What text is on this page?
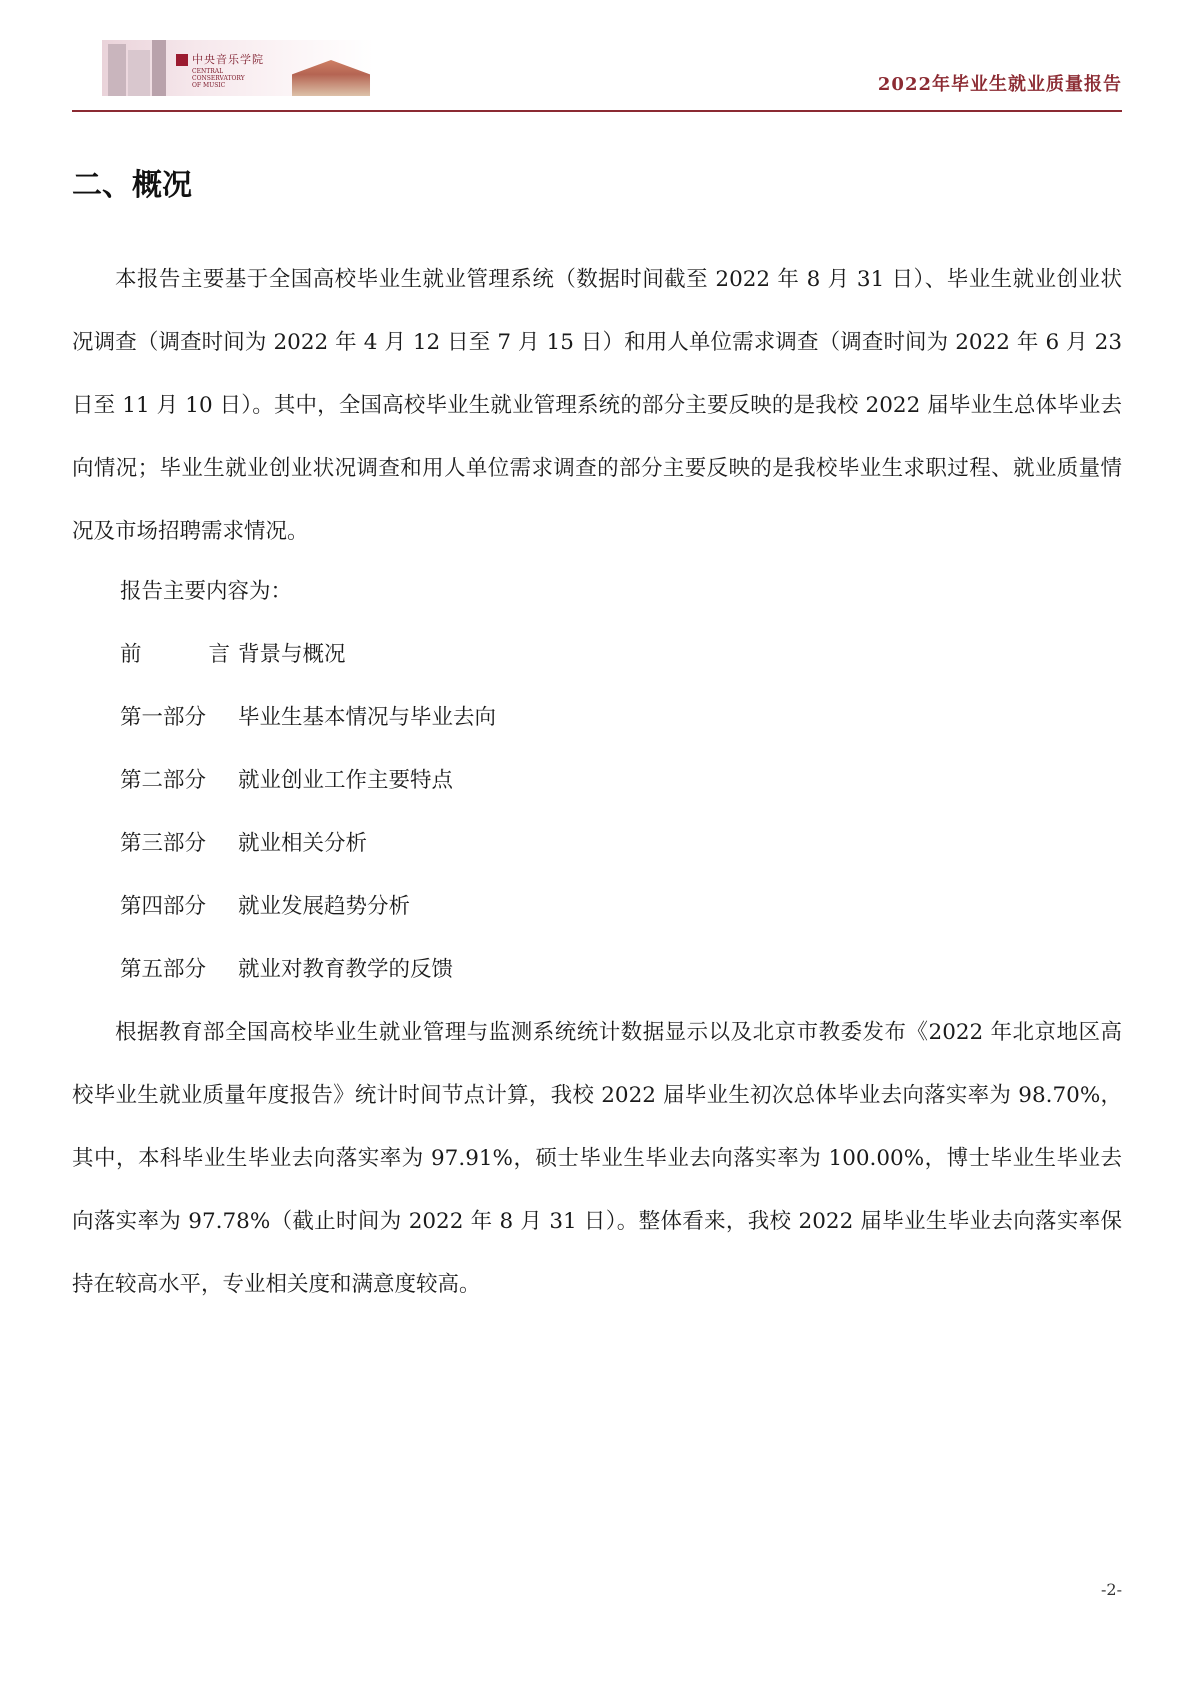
中央音乐学院
CENTRAL CONSERVATORY OF MUSIC	2022年毕业生就业质量报告
二、概况
本报告主要基于全国高校毕业生就业管理系统（数据时间截至 2022 年 8 月 31 日）、毕业生就业创业状况调查（调查时间为 2022 年 4 月 12 日至 7 月 15 日）和用人单位需求调查（调查时间为 2022 年 6 月 23 日至 11 月 10 日）。其中，全国高校毕业生就业管理系统的部分主要反映的是我校 2022 届毕业生总体毕业去向情况；毕业生就业创业状况调查和用人单位需求调查的部分主要反映的是我校毕业生求职过程、就业质量情况及市场招聘需求情况。
报告主要内容为：
前	言 背景与概况
第一部分	毕业生基本情况与毕业去向
第二部分	就业创业工作主要特点
第三部分	就业相关分析
第四部分	就业发展趋势分析
第五部分	就业对教育教学的反馈
根据教育部全国高校毕业生就业管理与监测系统统计数据显示以及北京市教委发布《2022 年北京地区高校毕业生就业质量年度报告》统计时间节点计算，我校 2022 届毕业生初次总体毕业去向落实率为 98.70%，其中，本科毕业生毕业去向落实率为 97.91%，硕士毕业生毕业去向落实率为 100.00%，博士毕业生毕业去向落实率为 97.78%（截止时间为 2022 年 8 月 31 日）。整体看来，我校 2022 届毕业生毕业去向落实率保持在较高水平，专业相关度和满意度较高。
-2-
